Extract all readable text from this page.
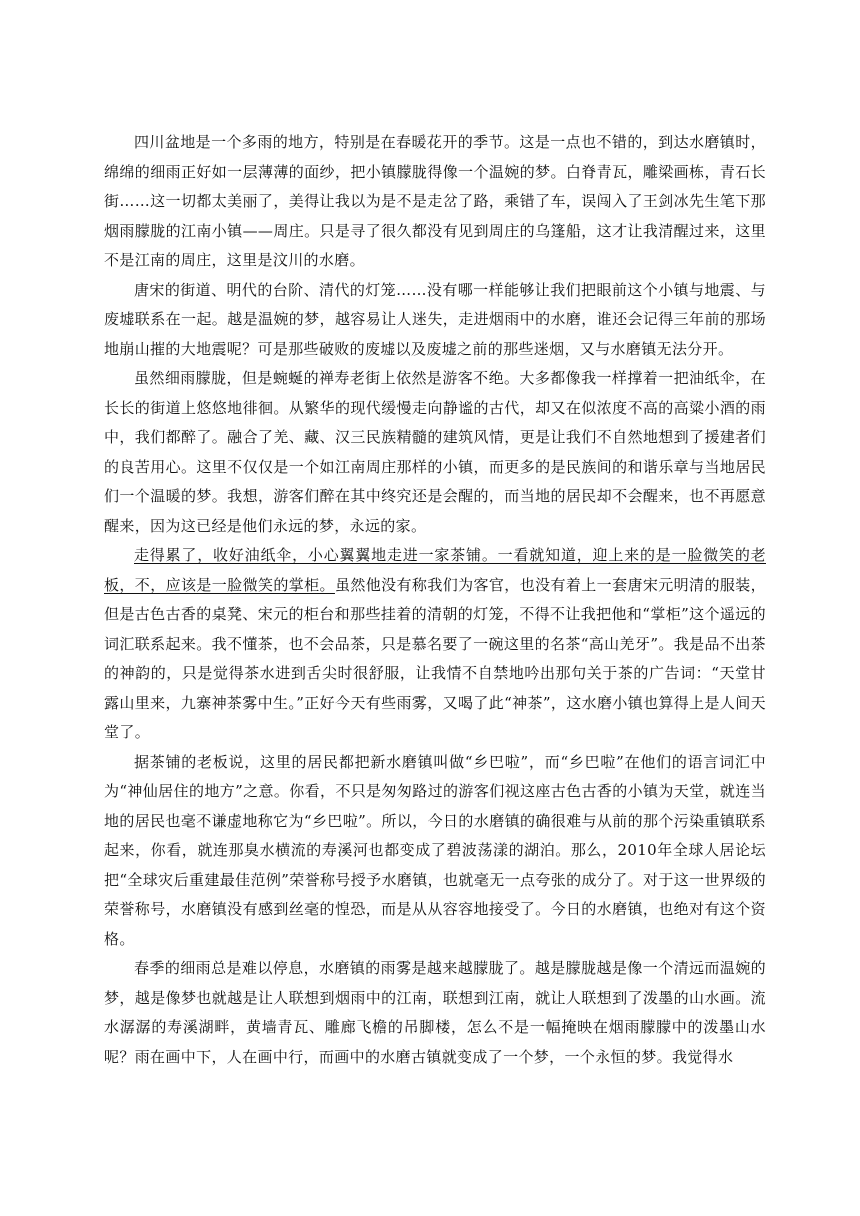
四川盆地是一个多雨的地方，特别是在春暖花开的季节。这是一点也不错的，到达水磨镇时，绵绵的细雨正好如一层薄薄的面纱，把小镇朦胧得像一个温婉的梦。白脊青瓦，雕梁画栋，青石长街……这一切都太美丽了，美得让我以为是不是走岔了路，乘错了车，误闯入了王剑冰先生笔下那烟雨朦胧的江南小镇——周庄。只是寻了很久都没有见到周庄的乌篷船，这才让我清醒过来，这里不是江南的周庄，这里是汶川的水磨。

唐宋的街道、明代的台阶、清代的灯笼……没有哪一样能够让我们把眼前这个小镇与地震、与废墟联系在一起。越是温婉的梦，越容易让人迷失，走进烟雨中的水磨，谁还会记得三年前的那场地崩山摧的大地震呢？可是那些破败的废墟以及废墟之前的那些迷烟，又与水磨镇无法分开。

虽然细雨朦胧，但是蜿蜒的禅寿老街上依然是游客不绝。大多都像我一样撑着一把油纸伞，在长长的街道上悠悠地徘徊。从繁华的现代缓慢走向静谧的古代，却又在似浓度不高的高粱小酒的雨中，我们都醉了。融合了羌、藏、汉三民族精髓的建筑风情，更是让我们不自然地想到了援建者们的良苦用心。这里不仅仅是一个如江南周庄那样的小镇，而更多的是民族间的和谐乐章与当地居民们一个温暖的梦。我想，游客们醉在其中终究还是会醒的，而当地的居民却不会醒来，也不再愿意醒来，因为这已经是他们永远的梦，永远的家。

走得累了，收好油纸伞，小心翼翼地走进一家茶铺。一看就知道，迎上来的是一脸微笑的老板，不，应该是一脸微笑的掌柜。虽然他没有称我们为客官，也没有着上一套唐宋元明清的服装，但是古色古香的桌凳、宋元的柜台和那些挂着的清朝的灯笼，不得不让我把他和“掌柜”这个遥远的词汇联系起来。我不懂茶，也不会品茶，只是慕名要了一碗这里的名茶“高山羌牙”。我是品不出茶的神韵的，只是觉得茶水进到舌尖时很舒服，让我情不自禁地吟出那句关于茶的广告词：“天堂甘露山里来，九寨神茶雾中生。”正好今天有些雨雾，又喝了此“神茶”，这水磨小镇也算得上是人间天堂了。

据茶铺的老板说，这里的居民都把新水磨镇叫做“乡巴啦”，而“乡巴啦”在他们的语言词汇中为“神仙居住的地方”之意。你看，不只是匆匆路过的游客们视这座古色古香的小镇为天堂，就连当地的居民也毫不谦虚地称它为“乡巴啦”。所以，今日的水磨镇的确很难与从前的那个污染重镇联系起来，你看，就连那臭水横流的寿溪河也都变成了碧波荡漾的湖泊。那么，2010年全球人居论坛把“全球灾后重建最佳范例”荣誉称号授予水磨镇，也就毫无一点夸张的成分了。对于这一世界级的荣誉称号，水磨镇没有感到丝毫的惶恐，而是从从容容地接受了。今日的水磨镇，也绝对有这个资格。

春季的细雨总是难以停息，水磨镇的雨雾是越来越朦胧了。越是朦胧越是像一个清远而温婉的梦，越是像梦也就越是让人联想到烟雨中的江南，联想到江南，就让人联想到了泼墨的山水画。流水潺潺的寿溪湖畔，黄墙青瓦、雕廊飞檐的吊脚楼，怎么不是一幅掩映在烟雨朦朦中的泼墨山水呢？雨在画中下，人在画中行，而画中的水磨古镇就变成了一个梦，一个永恒的梦。我觉得水
